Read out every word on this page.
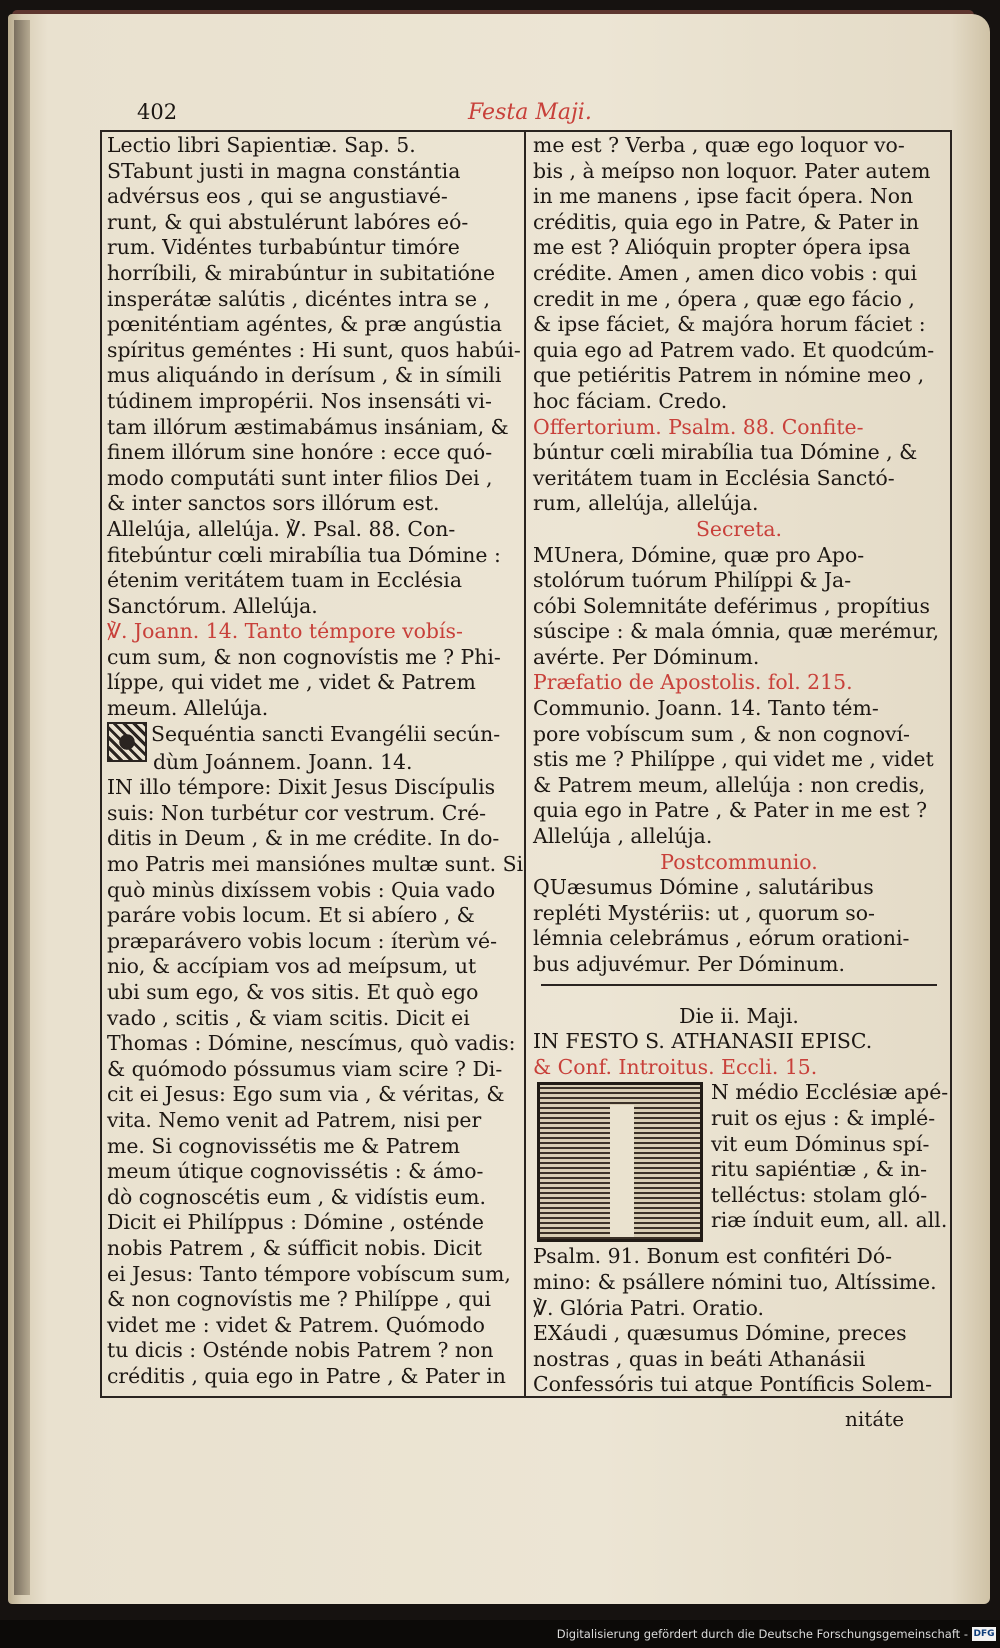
402	Festa Maji.
Lectio libri Sapientiæ. Sap. 5.
STabunt justi in magna constántia
advérsus eos , qui se angustiavé-
runt, & qui abstulérunt labóres eó-
rum. Vidéntes turbabúntur timóre
horríbili, & mirabúntur in subitatióne
insperátæ salútis , dicéntes intra se ,
pœniténtiam agéntes, & præ angústia
spíritus geméntes : Hi sunt, quos habúi-
mus aliquándo in derísum , & in símili
túdinem impropérii. Nos insensáti vi-
tam illórum æstimabámus insániam, &
finem illórum sine honóre : ecce quó-
modo computáti sunt inter filios Dei ,
& inter sanctos sors illórum est.
Allelúja, allelúja. ℣. Psal. 88. Con-
fitebúntur cœli mirabília tua Dómine :
étenim veritátem tuam in Ecclésia
Sanctórum. Allelúja.
℣. Joann. 14. Tanto témpore vobís-
cum sum, & non cognovístis me ? Phi-
líppe, qui videt me , videt & Patrem
meum. Allelúja.
Sequéntia sancti Evangélii secún-
dùm Joánnem. Joann. 14.
IN illo témpore: Dixit Jesus Discípulis
suis: Non turbétur cor vestrum. Cré-
ditis in Deum , & in me crédite. In do-
mo Patris mei mansiónes multæ sunt. Si
quò minùs dixíssem vobis : Quia vado
paráre vobis locum. Et si abíero , &
præparávero vobis locum : íterùm vé-
nio, & accípiam vos ad meípsum, ut
ubi sum ego, & vos sitis. Et quò ego
vado , scitis , & viam scitis. Dicit ei
Thomas : Dómine, nescímus, quò vadis:
& quómodo póssumus viam scire ? Di-
cit ei Jesus: Ego sum via , & véritas, &
vita. Nemo venit ad Patrem, nisi per
me. Si cognovissétis me & Patrem
meum útique cognovissétis : & ámo-
dò cognoscétis eum , & vidístis eum.
Dicit ei Philíppus : Dómine , osténde
nobis Patrem , & súfficit nobis. Dicit
ei Jesus: Tanto témpore vobíscum sum,
& non cognovístis me ? Philíppe , qui
videt me : videt & Patrem. Quómodo
tu dicis : Osténde nobis Patrem ? non
créditis , quia ego in Patre , & Pater in
me est ? Verba , quæ ego loquor vo-
bis , à meípso non loquor. Pater autem
in me manens , ipse facit ópera. Non
créditis, quia ego in Patre, & Pater in
me est ? Alióquin propter ópera ipsa
crédite. Amen , amen dico vobis : qui
credit in me , ópera , quæ ego fácio ,
& ipse fáciet, & majóra horum fáciet :
quia ego ad Patrem vado. Et quodcúm-
que petiéritis Patrem in nómine meo ,
hoc fáciam. Credo.
Offertorium. Psalm. 88. Confite-
búntur cœli mirabília tua Dómine , &
veritátem tuam in Ecclésia Sanctó-
rum, allelúja, allelúja.
Secreta.
MUnera, Dómine, quæ pro Apo-
stolórum tuórum Philíppi & Ja-
cóbi Solemnitáte deférimus , propítius
súscipe : & mala ómnia, quæ merémur,
avérte. Per Dóminum.
Præfatio de Apostolis. fol. 215.
Communio. Joann. 14. Tanto tém-
pore vobíscum sum , & non cognoví-
stis me ? Philíppe , qui videt me , videt
& Patrem meum, allelúja : non credis,
quia ego in Patre , & Pater in me est ?
Allelúja , allelúja.
Postcommunio.
QUæsumus Dómine , salutáribus
repléti Mystériis: ut , quorum so-
lémnia celebrámus , eórum orationi-
bus adjuvémur. Per Dóminum.
Die ii. Maji.
IN FESTO S. ATHANASII EPISC.
& Conf. Introitus. Eccli. 15.
N médio Ecclésiæ apé-
ruit os ejus : & implé-
vit eum Dóminus spí-
ritu sapiéntiæ , & in-
telléctus: stolam gló-
riæ índuit eum, all. all.
Psalm. 91. Bonum est confitéri Dó-
mino: & psállere nómini tuo, Altíssime.
℣. Glória Patri. Oratio.
EXáudi , quæsumus Dómine, preces
nostras , quas in beáti Athanásii
Confessóris tui atque Pontíficis Solem-
nitáte
Digitalisierung gefördert durch die Deutsche Forschungsgemeinschaft - DFG
